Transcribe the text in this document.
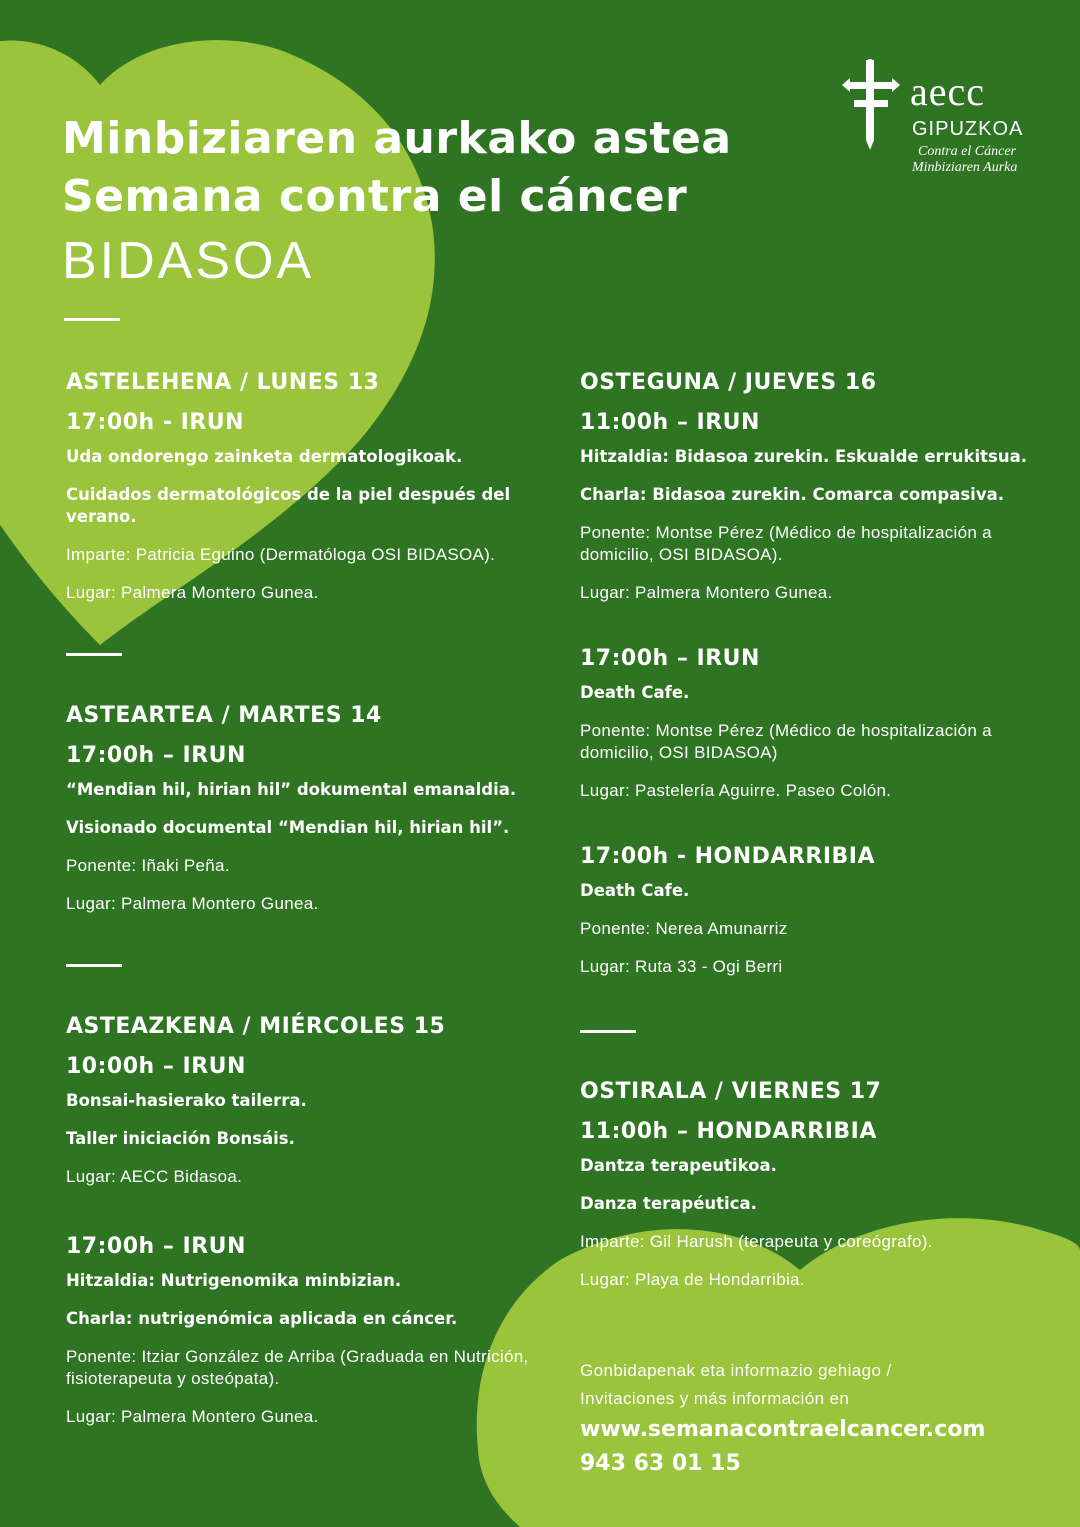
Minbiziaren aurkako astea

Semana contra el cáncer

BIDASOA

aecc
GIPUZKOA
Contra el Cáncer
Minbiziaren Aurka

ASTELEHENA / LUNES 13

17:00h - IRUN

Uda ondorengo zainketa dermatologikoak.

Cuidados dermatológicos de la piel después del verano.

Imparte: Patricia Eguino (Dermatóloga OSI BIDASOA).

Lugar: Palmera Montero Gunea.

ASTEARTEA / MARTES 14

17:00h – IRUN

“Mendian hil, hirian hil” dokumental emanaldia.

Visionado documental “Mendian hil, hirian hil”.

Ponente: Iñaki Peña.

Lugar: Palmera Montero Gunea.

ASTEAZKENA / MIÉRCOLES 15

10:00h – IRUN

Bonsai-hasierako tailerra.

Taller iniciación Bonsáis.

Lugar: AECC Bidasoa.

17:00h – IRUN

Hitzaldia: Nutrigenomika minbizian.

Charla: nutrigenómica aplicada en cáncer.

Ponente: Itziar González de Arriba (Graduada en Nutrición, fisioterapeuta y osteópata).

Lugar: Palmera Montero Gunea.

OSTEGUNA / JUEVES 16

11:00h – IRUN

Hitzaldia: Bidasoa zurekin. Eskualde errukitsua.

Charla: Bidasoa zurekin. Comarca compasiva.

Ponente: Montse Pérez (Médico de hospitalización a domicilio, OSI BIDASOA).

Lugar: Palmera Montero Gunea.

17:00h – IRUN

Death Cafe.

Ponente: Montse Pérez (Médico de hospitalización a domicilio, OSI BIDASOA)

Lugar: Pastelería Aguirre. Paseo Colón.

17:00h - HONDARRIBIA

Death Cafe.

Ponente: Nerea Amunarriz

Lugar: Ruta 33 - Ogi Berri

OSTIRALA / VIERNES 17

11:00h – HONDARRIBIA

Dantza terapeutikoa.

Danza terapéutica.

Imparte: Gil Harush (terapeuta y coreógrafo).

Lugar: Playa de Hondarribia.

Gonbidapenak eta informazio gehiago /

Invitaciones y más información en

www.semanacontraelcancer.com

943 63 01 15
